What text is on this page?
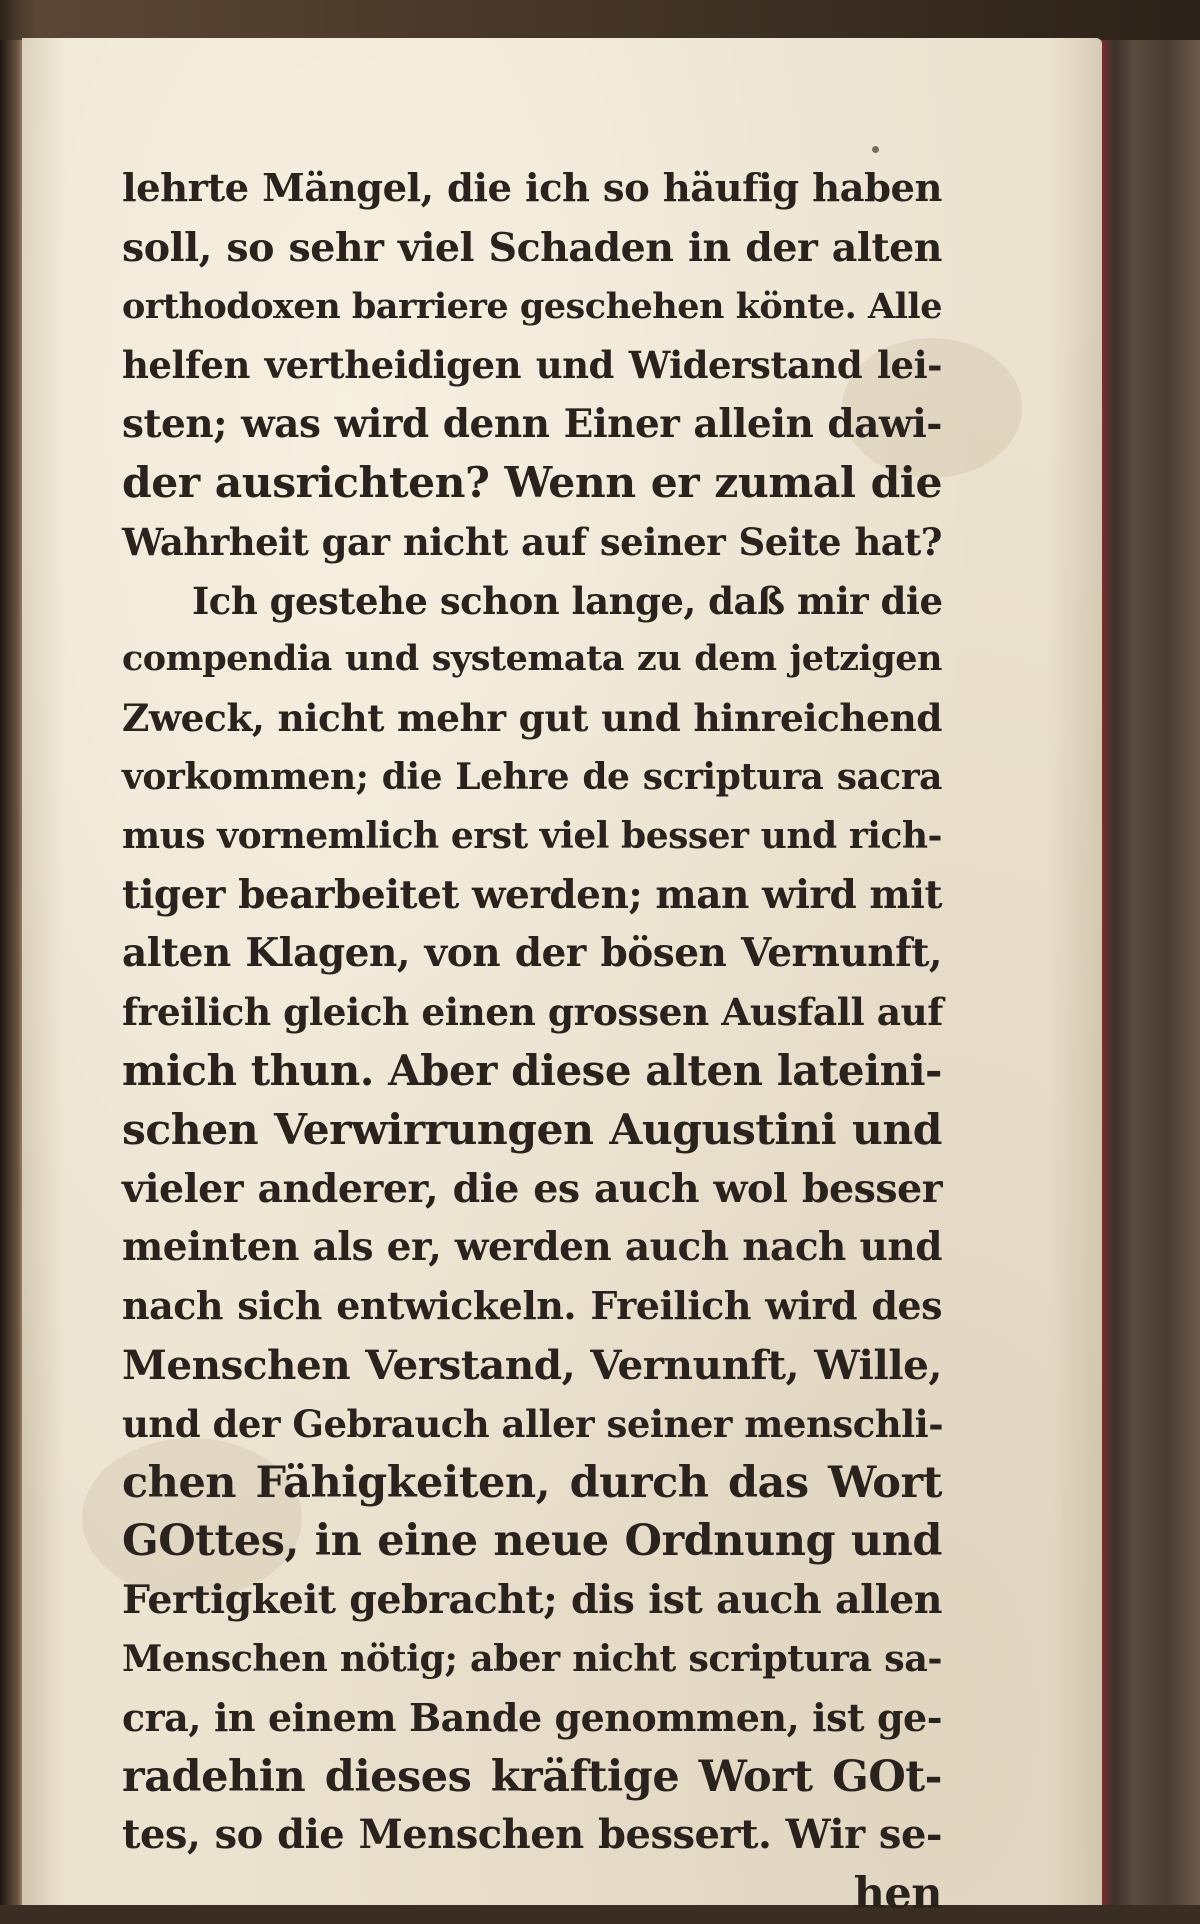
lehrte Mängel, die ich so häufig haben
soll, so sehr viel Schaden in der alten
orthodoxen barriere geschehen könte. Alle
helfen vertheidigen und Widerstand lei-
sten; was wird denn Einer allein dawi-
der ausrichten? Wenn er zumal die
Wahrheit gar nicht auf seiner Seite hat?
Ich gestehe schon lange, daß mir die
compendia und systemata zu dem jetzigen
Zweck, nicht mehr gut und hinreichend
vorkommen; die Lehre de scriptura sacra
mus vornemlich erst viel besser und rich-
tiger bearbeitet werden; man wird mit
alten Klagen, von der bösen Vernunft,
freilich gleich einen grossen Ausfall auf
mich thun. Aber diese alten lateini-
schen Verwirrungen Augustini und
vieler anderer, die es auch wol besser
meinten als er, werden auch nach und
nach sich entwickeln. Freilich wird des
Menschen Verstand, Vernunft, Wille,
und der Gebrauch aller seiner menschli-
chen Fähigkeiten, durch das Wort
GOttes, in eine neue Ordnung und
Fertigkeit gebracht; dis ist auch allen
Menschen nötig; aber nicht scriptura sa-
cra, in einem Bande genommen, ist ge-
radehin dieses kräftige Wort GOt-
tes, so die Menschen bessert. Wir se-
hen
